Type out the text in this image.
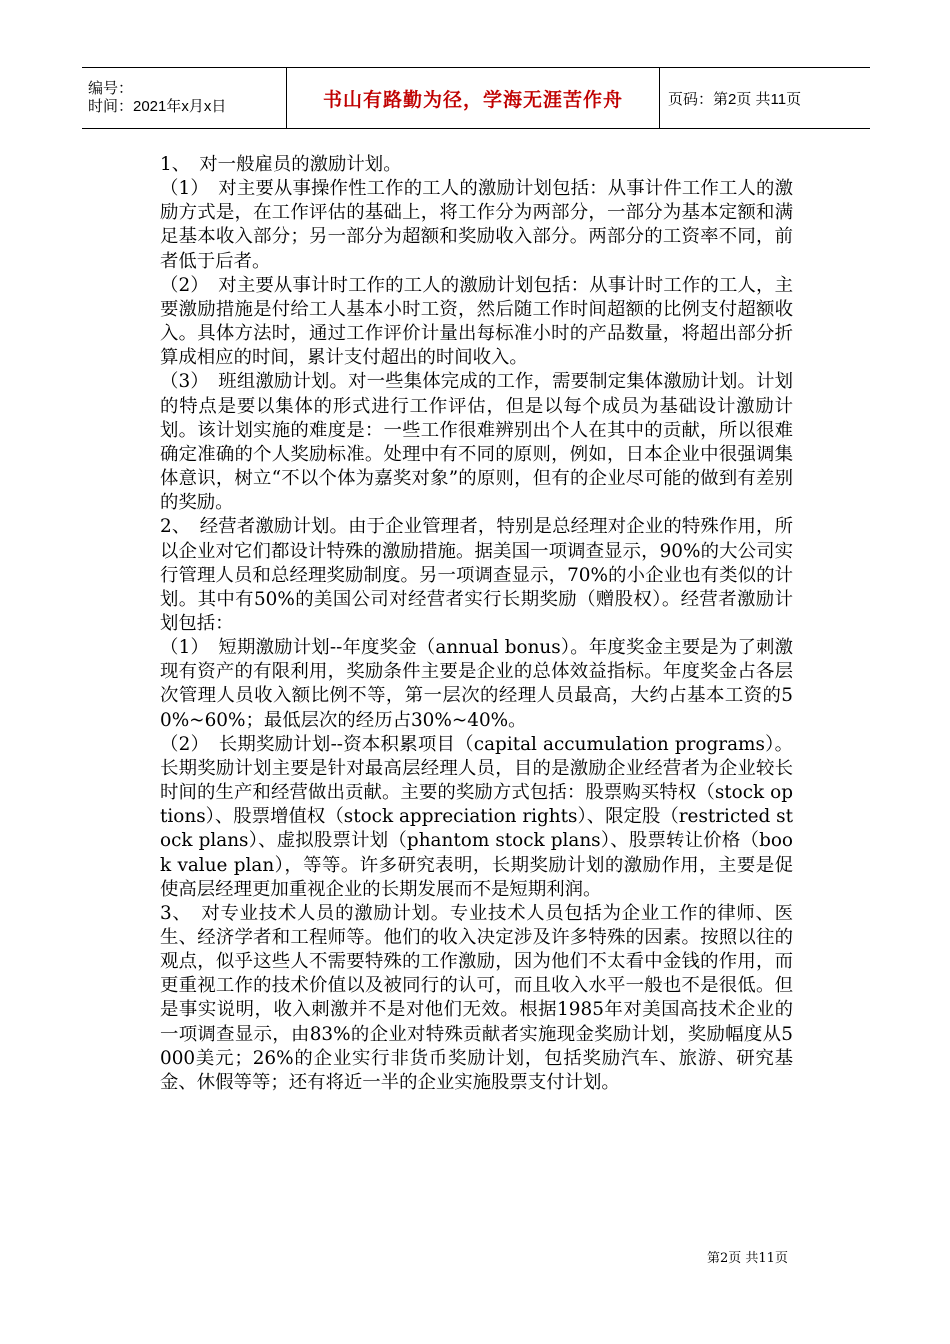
编号：
时间：2021年x月x日	书山有路勤为径，学海无涯苦作舟	页码：第2页 共11页

1、　对一般雇员的激励计划。

（1）　对主要从事操作性工作的工人的激励计划包括：从事计件工作工人的激励方式是，在工作评估的基础上，将工作分为两部分，一部分为基本定额和满足基本收入部分；另一部分为超额和奖励收入部分。两部分的工资率不同，前者低于后者。

（2）　对主要从事计时工作的工人的激励计划包括：从事计时工作的工人，主要激励措施是付给工人基本小时工资，然后随工作时间超额的比例支付超额收入。具体方法时，通过工作评价计量出每标准小时的产品数量，将超出部分折算成相应的时间，累计支付超出的时间收入。

（3）　班组激励计划。对一些集体完成的工作，需要制定集体激励计划。计划的特点是要以集体的形式进行工作评估，但是以每个成员为基础设计激励计划。该计划实施的难度是：一些工作很难辨别出个人在其中的贡献，所以很难确定准确的个人奖励标准。处理中有不同的原则，例如，日本企业中很强调集体意识，树立“不以个体为嘉奖对象”的原则，但有的企业尽可能的做到有差别的奖励。

2、　经营者激励计划。由于企业管理者，特别是总经理对企业的特殊作用，所以企业对它们都设计特殊的激励措施。据美国一项调查显示，90%的大公司实行管理人员和总经理奖励制度。另一项调查显示，70%的小企业也有类似的计划。其中有50%的美国公司对经营者实行长期奖励（赠股权）。经营者激励计划包括：

（1）　短期激励计划--年度奖金（annual bonus）。年度奖金主要是为了刺激现有资产的有限利用，奖励条件主要是企业的总体效益指标。年度奖金占各层次管理人员收入额比例不等，第一层次的经理人员最高，大约占基本工资的50%~60%；最低层次的经历占30%~40%。

（2）　长期奖励计划--资本积累项目（capital accumulation programs）。长期奖励计划主要是针对最高层经理人员，目的是激励企业经营者为企业较长时间的生产和经营做出贡献。主要的奖励方式包括：股票购买特权（stock options）、股票增值权（stock appreciation rights）、限定股（restricted stock plans）、虚拟股票计划（phantom stock plans）、股票转让价格（book value plan），等等。许多研究表明，长期奖励计划的激励作用，主要是促使高层经理更加重视企业的长期发展而不是短期利润。

3、　对专业技术人员的激励计划。专业技术人员包括为企业工作的律师、医生、经济学者和工程师等。他们的收入决定涉及许多特殊的因素。按照以往的观点，似乎这些人不需要特殊的工作激励，因为他们不太看中金钱的作用，而更重视工作的技术价值以及被同行的认可，而且收入水平一般也不是很低。但是事实说明，收入刺激并不是对他们无效。根据1985年对美国高技术企业的一项调查显示，由83%的企业对特殊贡献者实施现金奖励计划，奖励幅度从5000美元；26%的企业实行非货币奖励计划，包括奖励汽车、旅游、研究基金、休假等等；还有将近一半的企业实施股票支付计划。

第2页 共11页
